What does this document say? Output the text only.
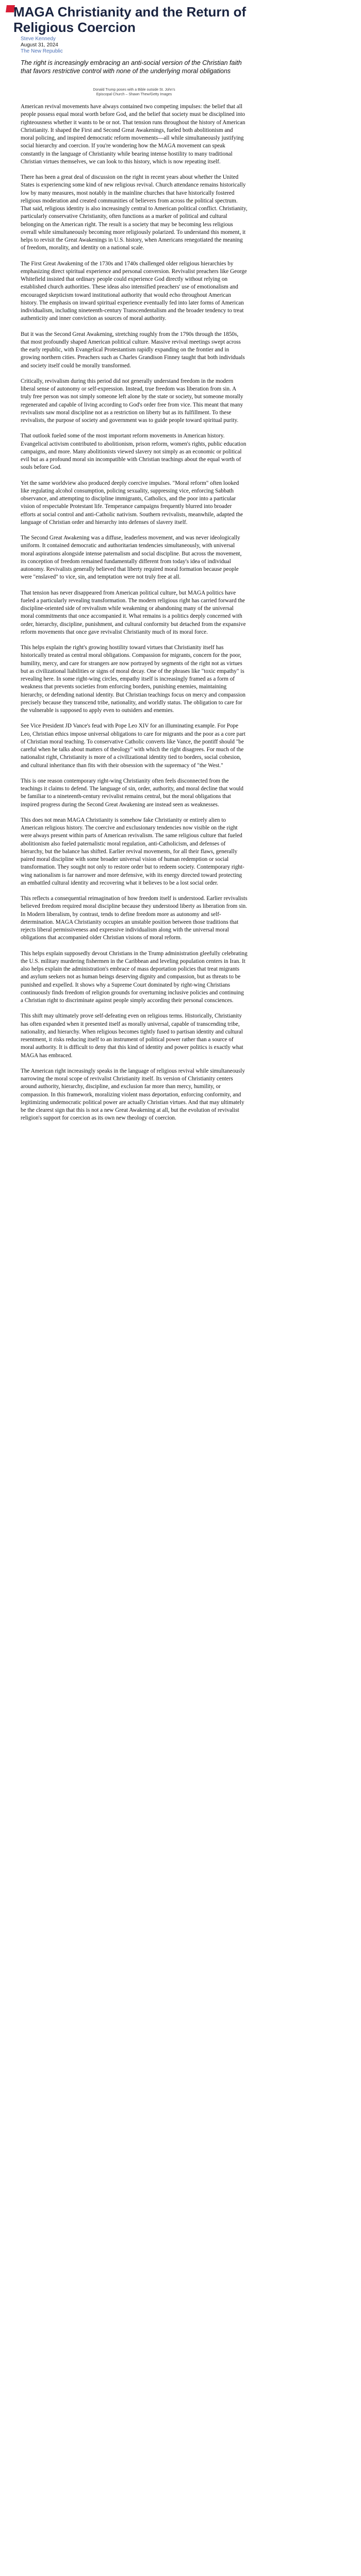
MAGA Christianity and the Return of Religious Coercion
Steve Kennedy
August 31, 2024
The New Republic
The right is increasingly embracing an anti-social version of the Christian faith that favors restrictive control with none of the underlying moral obligations
Donald Trump poses with a Bible outside St. John's
Episcopal Church – Shawn Thew/Getty Images

American revival movements have always contained two competing impulses: the belief that all people possess equal moral worth before God, and the belief that society must be disciplined into righteousness whether it wants to be or not. That tension runs throughout the history of American Christianity. It shaped the First and Second Great Awakenings, fueled both abolitionism and moral policing, and inspired democratic reform movements—all while simultaneously justifying social hierarchy and coercion. If you're wondering how the MAGA movement can speak constantly in the language of Christianity while bearing intense hostility to many traditional Christian virtues themselves, we can look to this history, which is now repeating itself.

There has been a great deal of discussion on the right in recent years about whether the United States is experiencing some kind of new religious revival. Church attendance remains historically low by many measures, most notably in the mainline churches that have historically fostered religious moderation and created communities of believers from across the political spectrum. That said, religious identity is also increasingly central to American political conflict. Christianity, particularly conservative Christianity, often functions as a marker of political and cultural belonging on the American right. The result is a society that may be becoming less religious overall while simultaneously becoming more religiously polarized. To understand this moment, it helps to revisit the Great Awakenings in U.S. history, when Americans renegotiated the meaning of freedom, morality, and identity on a national scale.

The First Great Awakening of the 1730s and 1740s challenged older religious hierarchies by emphasizing direct spiritual experience and personal conversion. Revivalist preachers like George Whitefield insisted that ordinary people could experience God directly without relying on established church authorities. These ideas also intensified preachers' use of emotionalism and encouraged skepticism toward institutional authority that would echo throughout American history. The emphasis on inward spiritual experience eventually fed into later forms of American individualism, including nineteenth-century Transcendentalism and the broader tendency to treat authenticity and inner conviction as sources of moral authority.

But it was the Second Great Awakening, stretching roughly from the 1790s through the 1850s, that most profoundly shaped American political culture. Massive revival meetings swept across the early republic, with Evangelical Protestantism rapidly expanding on the frontier and in growing northern cities. Preachers such as Charles Grandison Finney taught that both individuals and society itself could be morally transformed.

Critically, revivalism during this period did not generally understand freedom in the modern liberal sense of autonomy or self-expression. Instead, true freedom was liberation from sin. A truly free person was not simply someone left alone by the state or society, but someone morally regenerated and capable of living according to God's order free from vice. This meant that many revivalists saw moral discipline not as a restriction on liberty but as its fulfillment. To these revivalists, the purpose of society and government was to guide people toward spiritual purity.

That outlook fueled some of the most important reform movements in American history. Evangelical activism contributed to abolitionism, prison reform, women's rights, public education campaigns, and more. Many abolitionists viewed slavery not simply as an economic or political evil but as a profound moral sin incompatible with Christian teachings about the equal worth of souls before God.

Yet the same worldview also produced deeply coercive impulses. "Moral reform" often looked like regulating alcohol consumption, policing sexuality, suppressing vice, enforcing Sabbath observance, and attempting to discipline immigrants, Catholics, and the poor into a particular vision of respectable Protestant life. Temperance campaigns frequently blurred into broader efforts at social control and anti-Catholic nativism. Southern revivalists, meanwhile, adapted the language of Christian order and hierarchy into defenses of slavery itself.

The Second Great Awakening was a diffuse, leaderless movement, and was never ideologically uniform. It contained democratic and authoritarian tendencies simultaneously, with universal moral aspirations alongside intense paternalism and social discipline. But across the movement, its conception of freedom remained fundamentally different from today's idea of individual autonomy. Revivalists generally believed that liberty required moral formation because people were "enslaved" to vice, sin, and temptation were not truly free at all.

That tension has never disappeared from American political culture, but MAGA politics have fueled a particularly revealing transformation. The modern religious right has carried forward the discipline-oriented side of revivalism while weakening or abandoning many of the universal moral commitments that once accompanied it. What remains is a politics deeply concerned with order, hierarchy, discipline, punishment, and cultural conformity but detached from the expansive reform movements that once gave revivalist Christianity much of its moral force.

This helps explain the right's growing hostility toward virtues that Christianity itself has historically treated as central moral obligations. Compassion for migrants, concern for the poor, humility, mercy, and care for strangers are now portrayed by segments of the right not as virtues but as civilizational liabilities or signs of moral decay. One of the phrases like "toxic empathy" is revealing here. In some right-wing circles, empathy itself is increasingly framed as a form of weakness that prevents societies from enforcing borders, punishing enemies, maintaining hierarchy, or defending national identity. But Christian teachings focus on mercy and compassion precisely because they transcend tribe, nationality, and worldly status. The obligation to care for the vulnerable is supposed to apply even to outsiders and enemies.

See Vice President JD Vance's feud with Pope Leo XIV for an illuminating example. For Pope Leo, Christian ethics impose universal obligations to care for migrants and the poor as a core part of Christian moral teaching. To conservative Catholic converts like Vance, the pontiff should "be careful when he talks about matters of theology" with which the right disagrees. For much of the nationalist right, Christianity is more of a civilizational identity tied to borders, social cohesion, and cultural inheritance than fits with their obsession with the supremacy of "the West."

This is one reason contemporary right-wing Christianity often feels disconnected from the teachings it claims to defend. The language of sin, order, authority, and moral decline that would be familiar to a nineteenth-century revivalist remains central, but the moral obligations that inspired progress during the Second Great Awakening are instead seen as weaknesses.

This does not mean MAGA Christianity is somehow fake Christianity or entirely alien to American religious history. The coercive and exclusionary tendencies now visible on the right were always present within parts of American revivalism. The same religious culture that fueled abolitionism also fueled paternalistic moral regulation, anti-Catholicism, and defenses of hierarchy, but the balance has shifted. Earlier revival movements, for all their flaws, generally paired moral discipline with some broader universal vision of human redemption or social transformation. They sought not only to restore order but to redeem society. Contemporary right-wing nationalism is far narrower and more defensive, with its energy directed toward protecting an embattled cultural identity and recovering what it believes to be a lost social order.

This reflects a consequential reimagination of how freedom itself is understood. Earlier revivalists believed freedom required moral discipline because they understood liberty as liberation from sin. In Modern liberalism, by contrast, tends to define freedom more as autonomy and self-determination. MAGA Christianity occupies an unstable position between those traditions that rejects liberal permissiveness and expressive individualism along with the universal moral obligations that accompanied older Christian visions of moral reform.

This helps explain supposedly devout Christians in the Trump administration gleefully celebrating the U.S. military murdering fishermen in the Caribbean and leveling population centers in Iran. It also helps explain the administration's embrace of mass deportation policies that treat migrants and asylum seekers not as human beings deserving dignity and compassion, but as threats to be punished and expelled. It shows why a Supreme Court dominated by right-wing Christians continuously finds freedom of religion grounds for overturning inclusive policies and continuing a Christian right to discriminate against people simply according their personal consciences.

This shift may ultimately prove self-defeating even on religious terms. Historically, Christianity has often expanded when it presented itself as morally universal, capable of transcending tribe, nationality, and hierarchy. When religious becomes tightly fused to partisan identity and cultural resentment, it risks reducing itself to an instrument of political power rather than a source of moral authority. It is difficult to deny that this kind of identity and power politics is exactly what MAGA has embraced.

The American right increasingly speaks in the language of religious revival while simultaneously narrowing the moral scope of revivalist Christianity itself. Its version of Christianity centers around authority, hierarchy, discipline, and exclusion far more than mercy, humility, or compassion. In this framework, moralizing violent mass deportation, enforcing conformity, and legitimizing undemocratic political power are actually Christian virtues. And that may ultimately be the clearest sign that this is not a new Great Awakening at all, but the evolution of revivalist religion's support for coercion as its own new theology of coercion.
